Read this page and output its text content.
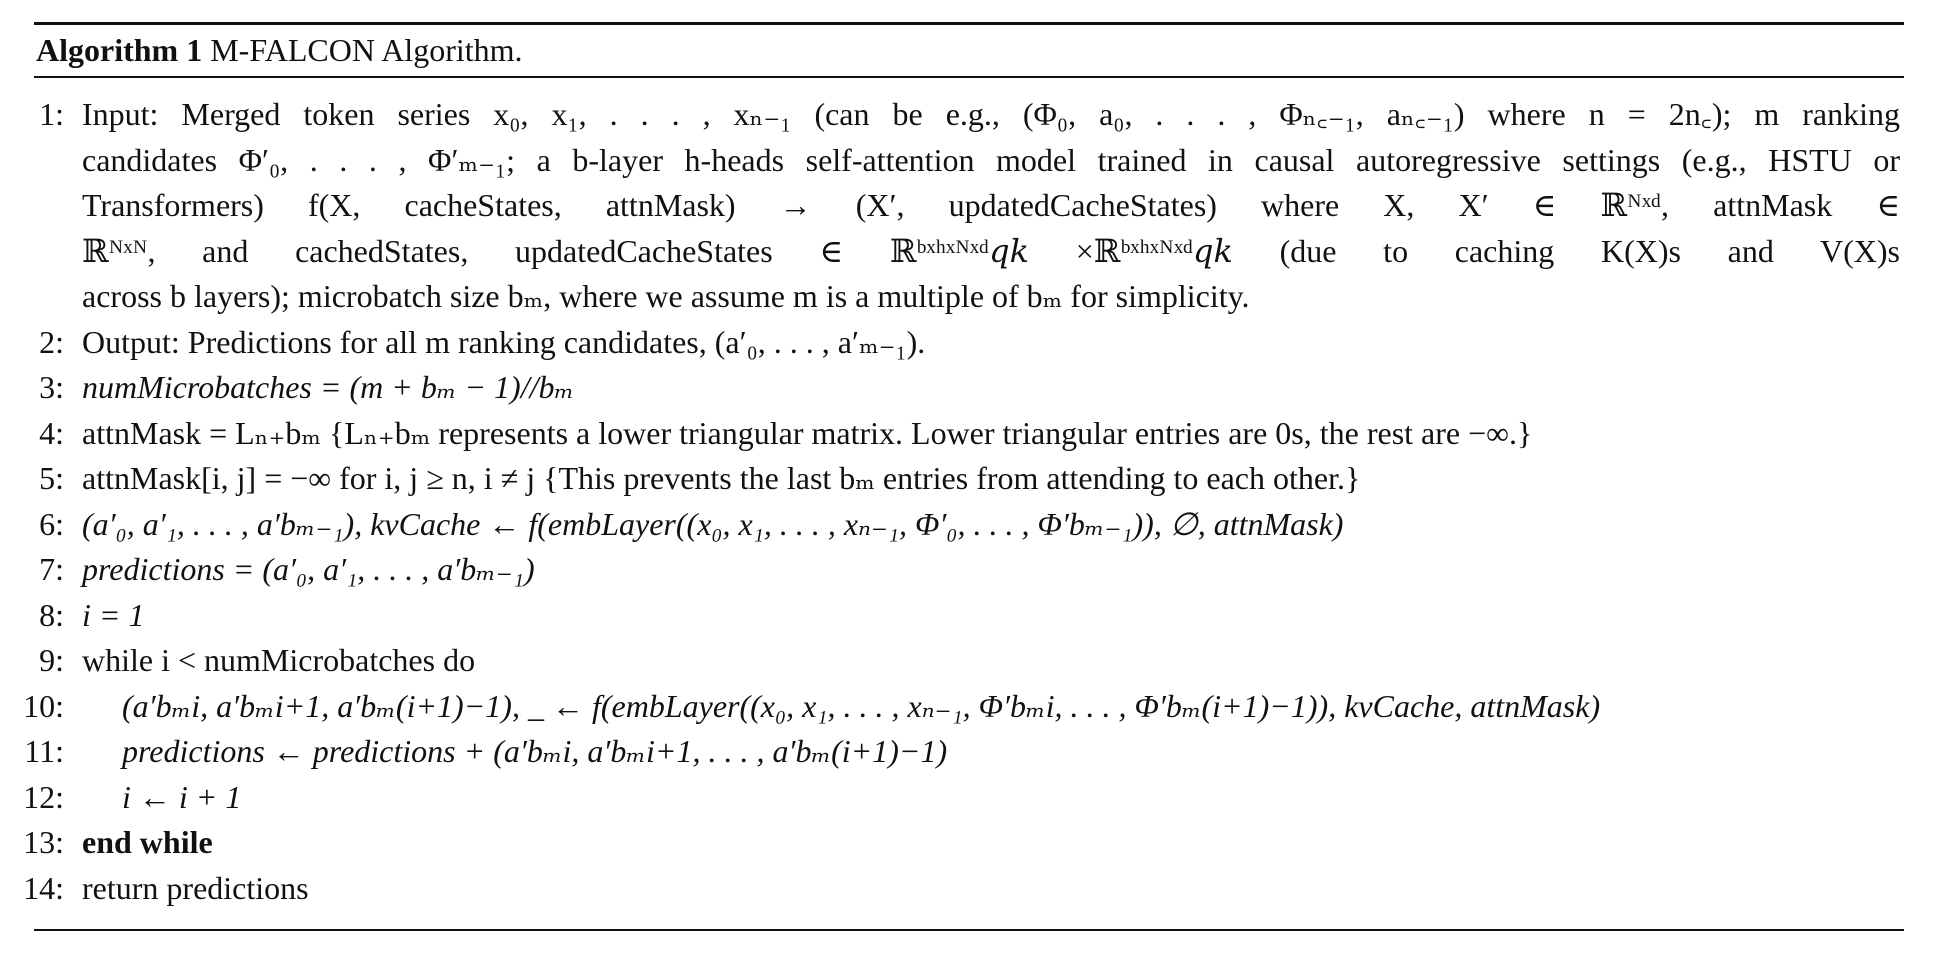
Algorithm 1 M-FALCON Algorithm.
1: Input: Merged token series x₀, x₁, . . . , xₙ₋₁ (can be e.g., (Φ₀, a₀, . . . , Φₙ꜀₋₁, aₙ꜀₋₁) where n = 2n꜀); m ranking
candidates Φ′₀, . . . , Φ′ₘ₋₁; a b-layer h-heads self-attention model trained in causal autoregressive settings (e.g., HSTU or
Transformers) f(X, cacheStates, attnMask) → (X′, updatedCacheStates) where X, X′ ∈ ℝᴺˣᵈ, attnMask ∈
ℝᴺˣᴺ, and cachedStates, updatedCacheStates ∈ ℝᵇˣʰˣᴺˣᵈ𝑞𝑘 ×ℝᵇˣʰˣᴺˣᵈ𝑞𝑘 (due to caching K(X)s and V(X)s
across b layers); microbatch size bₘ, where we assume m is a multiple of bₘ for simplicity.
2: Output: Predictions for all m ranking candidates, (a′₀, . . . , a′ₘ₋₁).
3: numMicrobatches = (m + bₘ − 1)//bₘ
4: attnMask = Lₙ₊bₘ {Lₙ₊bₘ represents a lower triangular matrix. Lower triangular entries are 0s, the rest are −∞.}
5: attnMask[i, j] = −∞ for i, j ≥ n, i ≠ j {This prevents the last bₘ entries from attending to each other.}
6: (a′₀, a′₁, . . . , a′bₘ₋₁), kvCache ← f(embLayer((x₀, x₁, . . . , xₙ₋₁, Φ′₀, . . . , Φ′bₘ₋₁)), ∅, attnMask)
7: predictions = (a′₀, a′₁, . . . , a′bₘ₋₁)
8: i = 1
9: while i < numMicrobatches do
10:	(a′bₘi, a′bₘi+1, a′bₘ(i+1)−1), _ ← f(embLayer((x₀, x₁, . . . , xₙ₋₁, Φ′bₘi, . . . , Φ′bₘ(i+1)−1)), kvCache, attnMask)
11:	predictions ← predictions + (a′bₘi, a′bₘi+1, . . . , a′bₘ(i+1)−1)
12:	i ← i + 1
13: end while
14: return predictions
